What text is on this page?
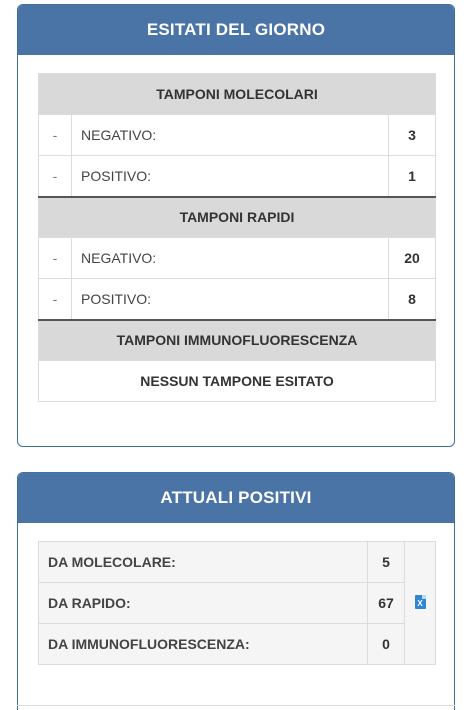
ESITATI DEL GIORNO
TAMPONI MOLECOLARI		
-	NEGATIVO:	3
-	POSITIVO:	1
TAMPONI RAPIDI		
-	NEGATIVO:	20
-	POSITIVO:	8
TAMPONI IMMUNOFLUORESCENZA		
NESSUN TAMPONE ESITATO		
ATTUALI POSITIVI
DA MOLECOLARE:	5	X

DA RAPIDO:	67	
DA IMMUNOFLUORESCENZA:	0	
